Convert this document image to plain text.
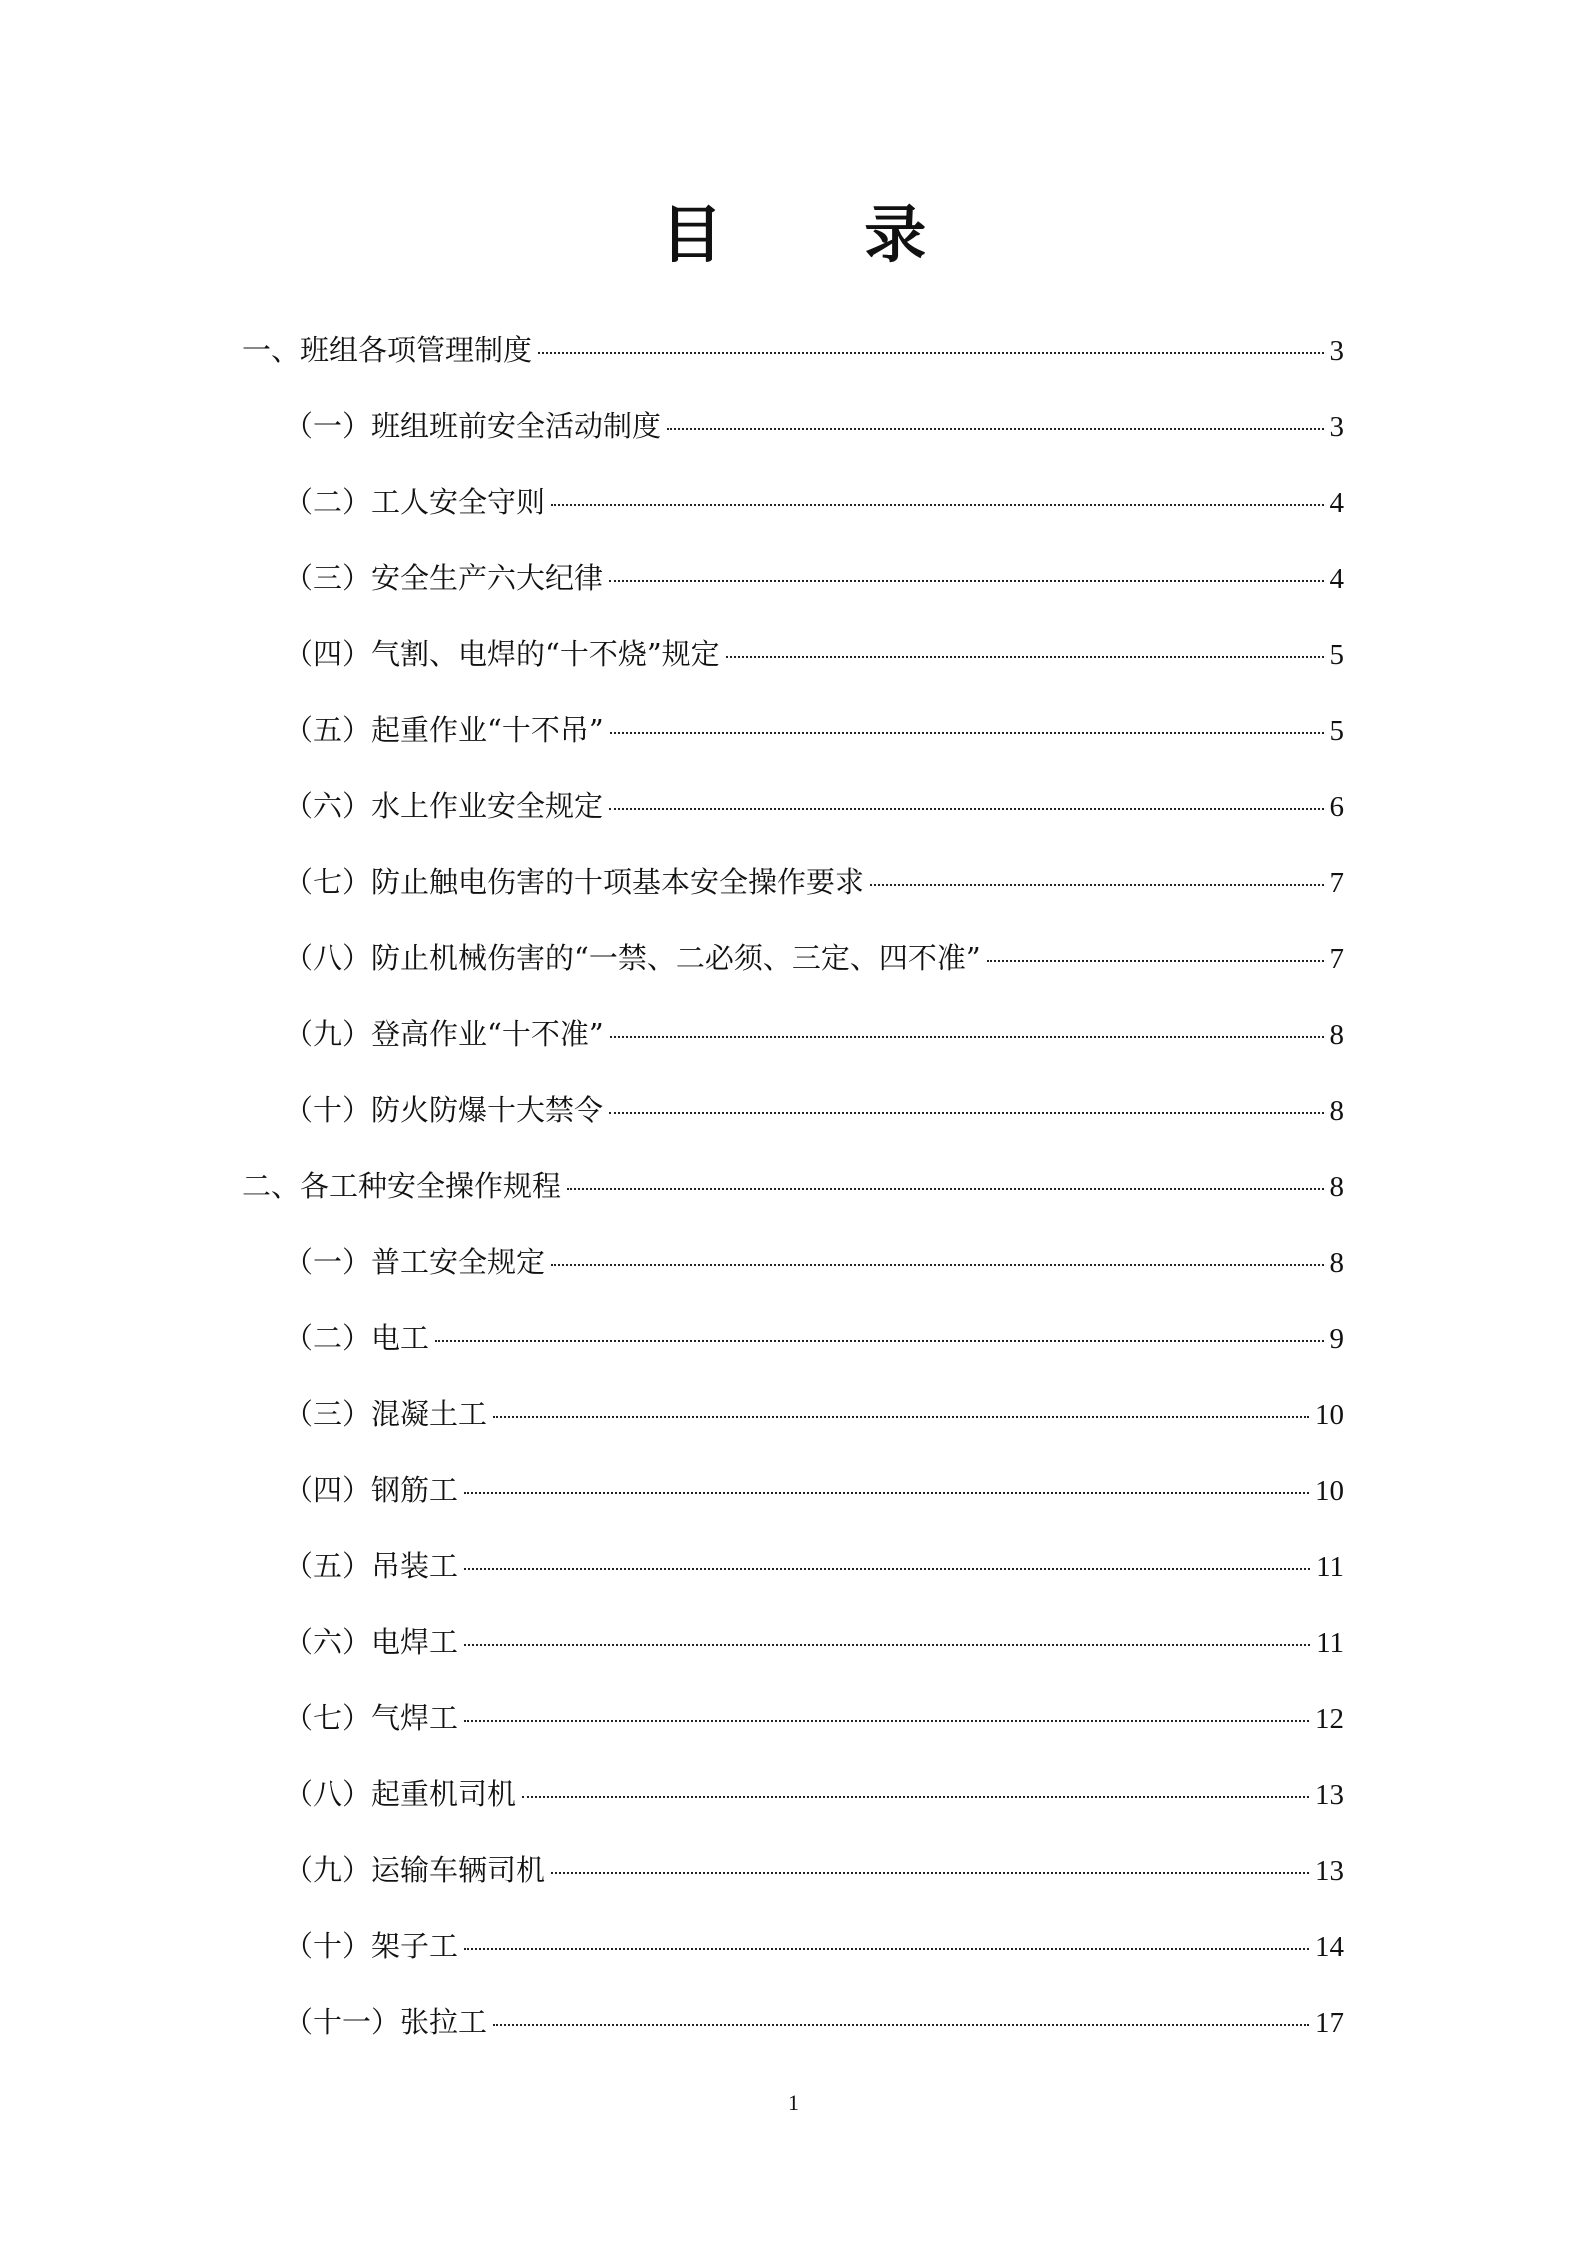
目 录
一、班组各项管理制度	3
（一）班组班前安全活动制度	3
（二）工人安全守则	4
（三）安全生产六大纪律	4
（四）气割、电焊的“十不烧”规定	5
（五）起重作业“十不吊”	5
（六）水上作业安全规定	6
（七）防止触电伤害的十项基本安全操作要求	7
（八）防止机械伤害的“一禁、二必须、三定、四不准”	7
（九）登高作业“十不准”	8
（十）防火防爆十大禁令	8
二、各工种安全操作规程	8
（一）普工安全规定	8
（二）电工	9
（三）混凝土工	10
（四）钢筋工	10
（五）吊装工	11
（六）电焊工	11
（七）气焊工	12
（八）起重机司机	13
（九）运输车辆司机	13
（十）架子工	14
（十一）张拉工	17
1
